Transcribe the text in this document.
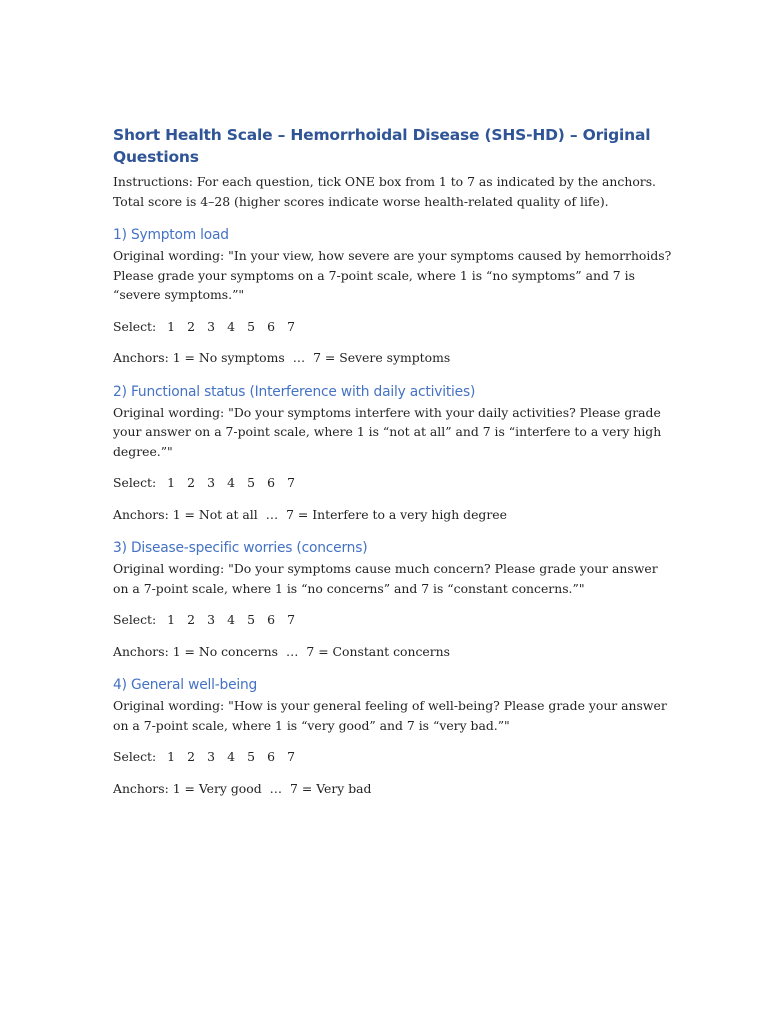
Short Health Scale – Hemorrhoidal Disease (SHS-HD) – Original Questions

Instructions: For each question, tick ONE box from 1 to 7 as indicated by the anchors. Total score is 4–28 (higher scores indicate worse health-related quality of life).

1) Symptom load

Original wording: "In your view, how severe are your symptoms caused by hemorrhoids? Please grade your symptoms on a 7-point scale, where 1 is “no symptoms” and 7 is “severe symptoms.”"

Select: 1 2 3 4 5 6 7
Anchors: 1 = No symptoms … 7 = Severe symptoms
2) Functional status (Interference with daily activities)

Original wording: "Do your symptoms interfere with your daily activities? Please grade your answer on a 7-point scale, where 1 is “not at all” and 7 is “interfere to a very high degree.”"

Select: 1 2 3 4 5 6 7
Anchors: 1 = Not at all … 7 = Interfere to a very high degree
3) Disease-specific worries (concerns)

Original wording: "Do your symptoms cause much concern? Please grade your answer on a 7-point scale, where 1 is “no concerns” and 7 is “constant concerns.”"

Select: 1 2 3 4 5 6 7
Anchors: 1 = No concerns … 7 = Constant concerns
4) General well-being

Original wording: "How is your general feeling of well-being? Please grade your answer on a 7-point scale, where 1 is “very good” and 7 is “very bad.”"

Select: 1 2 3 4 5 6 7
Anchors: 1 = Very good … 7 = Very bad
